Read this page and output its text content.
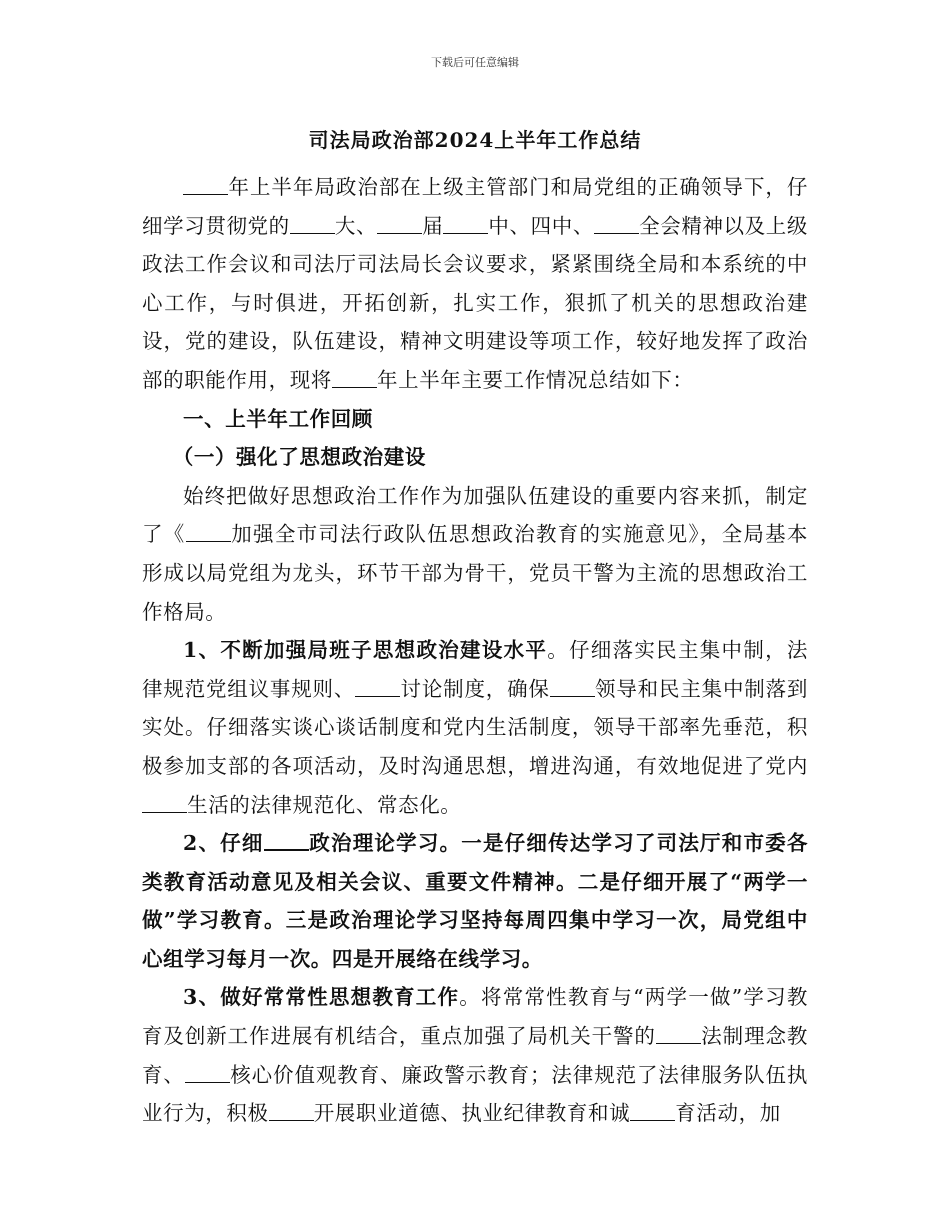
下载后可任意编辑
司法局政治部2024上半年工作总结

年上半年局政治部在上级主管部门和局党组的正确领导下，仔细学习贯彻党的 大、 届 中、四中、 全会精神以及上级政法工作会议和司法厅司法局长会议要求，紧紧围绕全局和本系统的中心工作，与时俱进，开拓创新，扎实工作，狠抓了机关的思想政治建设，党的建设，队伍建设，精神文明建设等项工作，较好地发挥了政治部的职能作用，现将 年上半年主要工作情况总结如下：

一、上半年工作回顾

（一）强化了思想政治建设

始终把做好思想政治工作作为加强队伍建设的重要内容来抓，制定了《 加强全市司法行政队伍思想政治教育的实施意见》，全局基本形成以局党组为龙头，环节干部为骨干，党员干警为主流的思想政治工作格局。

1、不断加强局班子思想政治建设水平。仔细落实民主集中制，法律规范党组议事规则、 讨论制度，确保 领导和民主集中制落到实处。仔细落实谈心谈话制度和党内生活制度，领导干部率先垂范，积极参加支部的各项活动，及时沟通思想，增进沟通，有效地促进了党内生活的法律规范化、常态化。

2、仔细 政治理论学习。一是仔细传达学习了司法厅和市委各类教育活动意见及相关会议、重要文件精神。二是仔细开展了“两学一做”学习教育。三是政治理论学习坚持每周四集中学习一次，局党组中心组学习每月一次。四是开展络在线学习。

3、做好常常性思想教育工作。将常常性教育与“两学一做”学习教育及创新工作进展有机结合，重点加强了局机关干警的 法制理念教育、 核心价值观教育、廉政警示教育；法律规范了法律服务队伍执业行为，积极 开展职业道德、执业纪律教育和诚 育活动，加
